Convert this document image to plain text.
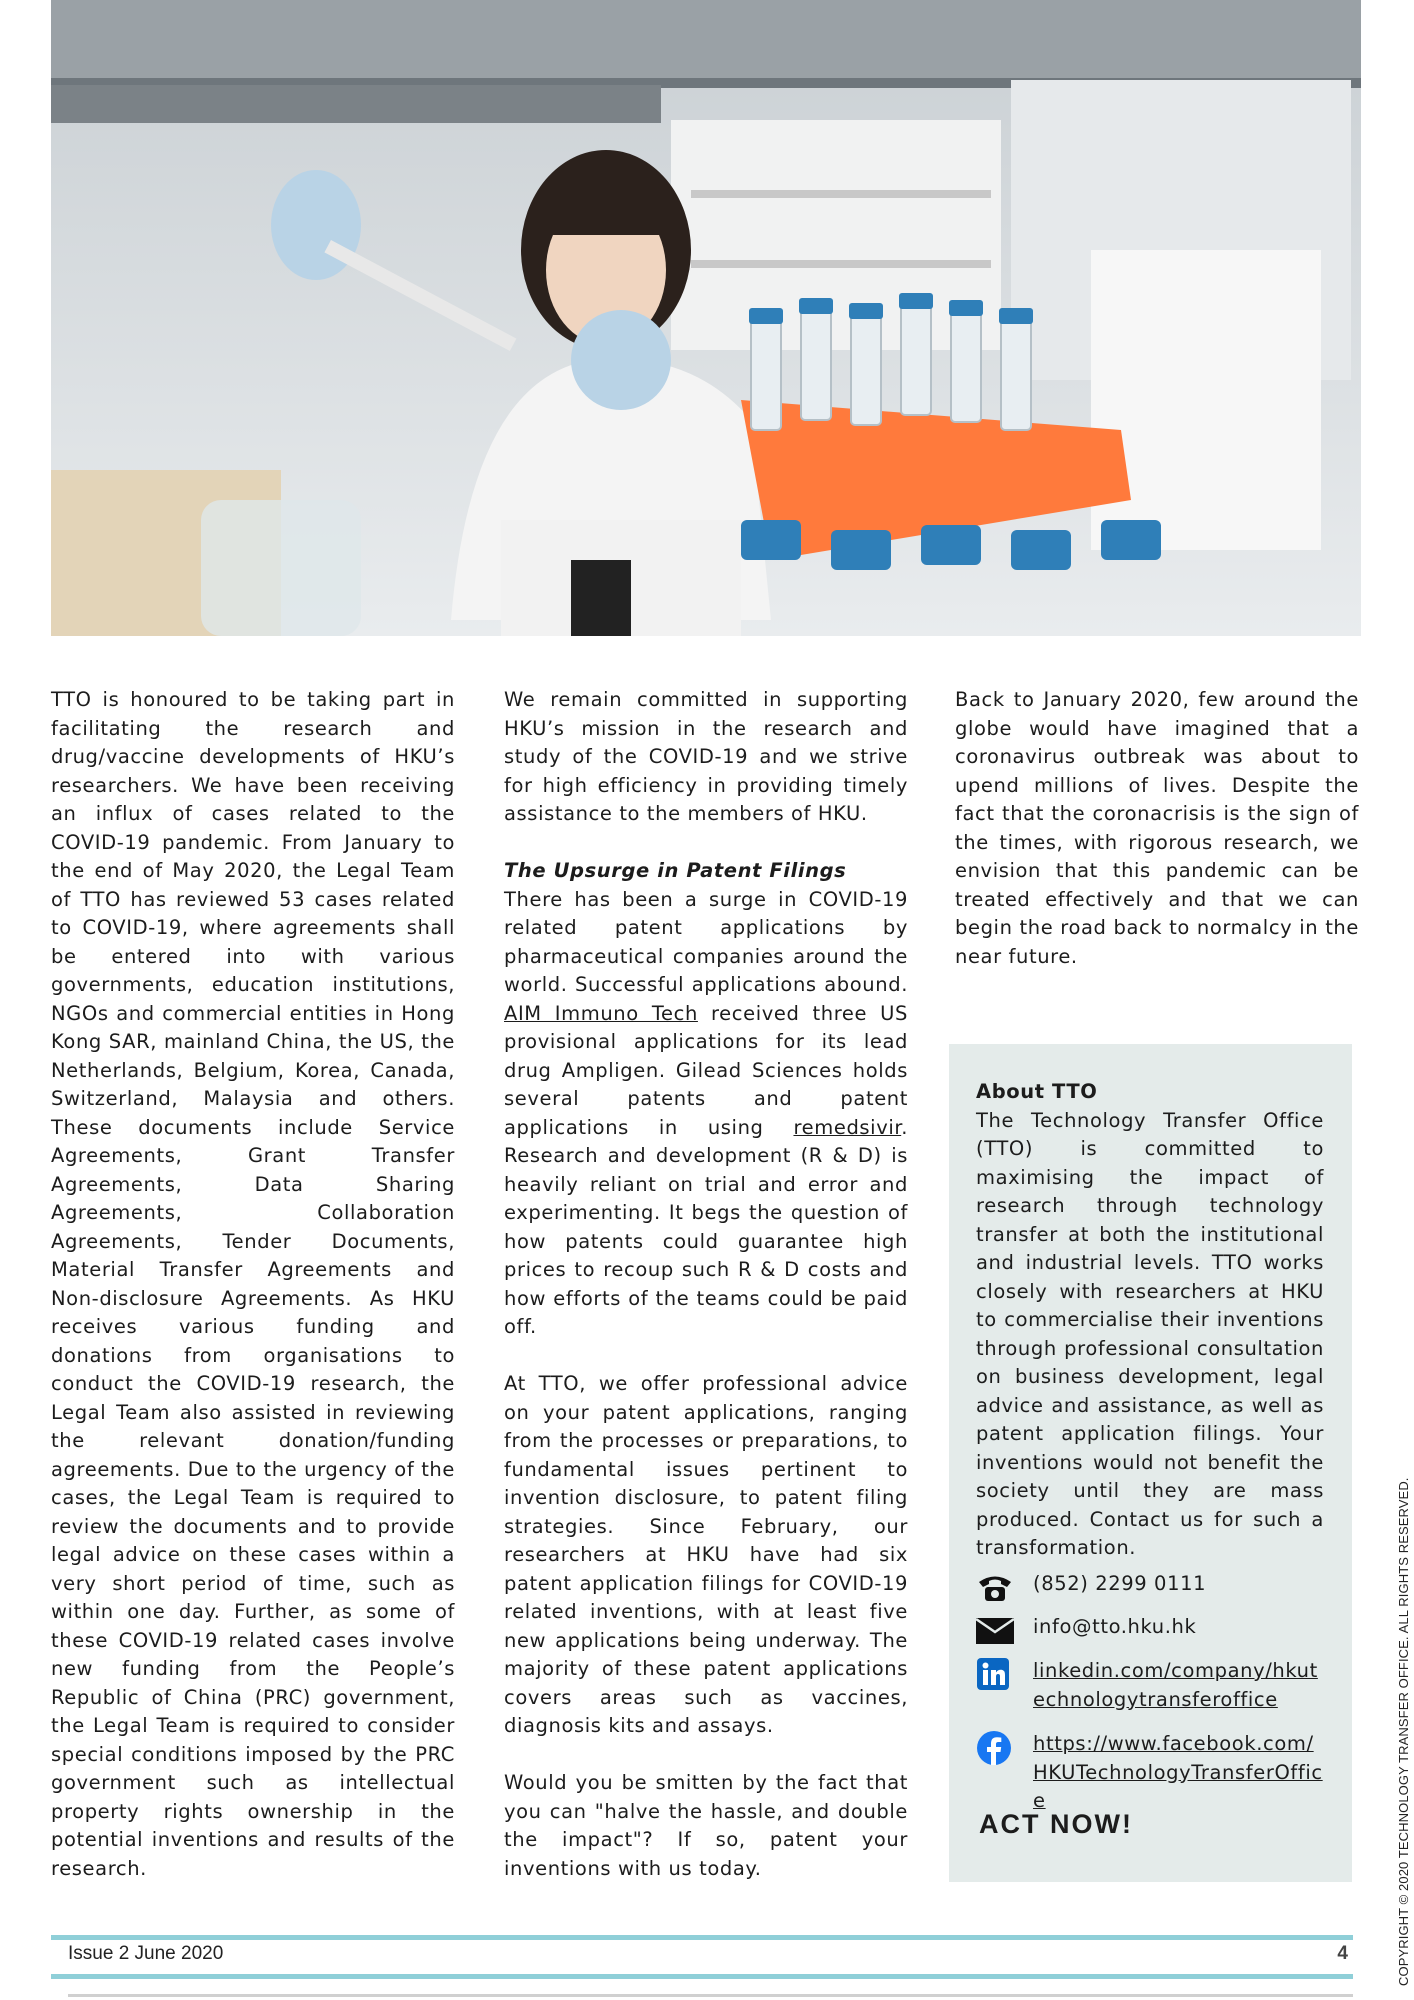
TTO is honoured to be taking part in facilitating the research and drug/vaccine developments of HKU’s researchers. We have been receiving an influx of cases related to the COVID-19 pandemic. From January to the end of May 2020, the Legal Team of TTO has reviewed 53 cases related to COVID-19, where agreements shall be entered into with various governments, education institutions, NGOs and commercial entities in Hong Kong SAR, mainland China, the US, the Netherlands, Belgium, Korea, Canada, Switzerland, Malaysia and others. These documents include Service Agreements, Grant Transfer Agreements, Data Sharing Agreements, Collaboration Agreements, Tender Documents, Material Transfer Agreements and Non-disclosure Agreements. As HKU receives various funding and donations from organisations to conduct the COVID-19 research, the Legal Team also assisted in reviewing the relevant donation/funding agreements. Due to the urgency of the cases, the Legal Team is required to review the documents and to provide legal advice on these cases within a very short period of time, such as within one day. Further, as some of these COVID-19 related cases involve new funding from the People’s Republic of China (PRC) government, the Legal Team is required to consider special conditions imposed by the PRC government such as intellectual property rights ownership in the potential inventions and results of the research.

We remain committed in supporting HKU’s mission in the research and study of the COVID-19 and we strive for high efficiency in providing timely assistance to the members of HKU.

The Upsurge in Patent Filings

There has been a surge in COVID-19 related patent applications by pharmaceutical companies around the world. Successful applications abound. AIM Immuno Tech received three US provisional applications for its lead drug Ampligen. Gilead Sciences holds several patents and patent applications in using remedsivir. Research and development (R & D) is heavily reliant on trial and error and experimenting. It begs the question of how patents could guarantee high prices to recoup such R & D costs and how efforts of the teams could be paid off.

At TTO, we offer professional advice on your patent applications, ranging from the processes or preparations, to fundamental issues pertinent to invention disclosure, to patent filing strategies. Since February, our researchers at HKU have had six patent application filings for COVID-19 related inventions, with at least five new applications being underway. The majority of these patent applications covers areas such as vaccines, diagnosis kits and assays.

Would you be smitten by the fact that you can "halve the hassle, and double the impact"? If so, patent your inventions with us today.

Back to January 2020, few around the globe would have imagined that a coronavirus outbreak was about to upend millions of lives. Despite the fact that the coronacrisis is the sign of the times, with rigorous research, we envision that this pandemic can be treated effectively and that we can begin the road back to normalcy in the near future.

About TTO

The Technology Transfer Office (TTO) is committed to maximising the impact of research through technology transfer at both the institutional and industrial levels. TTO works closely with researchers at HKU to commercialise their inventions through professional consultation on business development, legal advice and assistance, as well as patent application filings. Your inventions would not benefit the society until they are mass produced. Contact us for such a transformation.

(852) 2299 0111
info@tto.hku.hk
linkedin.com/company/hkutechnologytransferoffice
https://www.facebook.com/HKUTechnologyTransferOffice
ACT NOW!
Issue 2 June 2020	4	COPYRIGHT © 2020 TECHNOLOGY TRANSFER OFFICE. ALL RIGHTS RESERVED.
